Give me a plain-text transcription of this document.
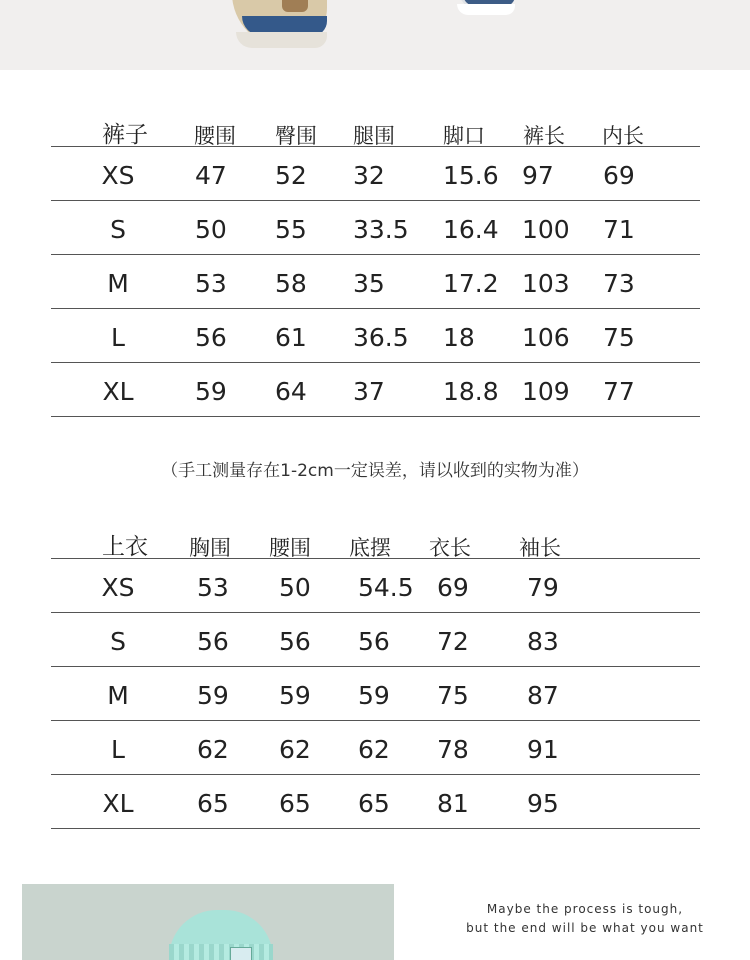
裤子 腰围 臀围 腿围 脚口 裤长 内长
XS	47 52 32 15.6 97 69
S	50 55 33.5 16.4 100 71
M	53 58 35 17.2 103 73
L	56 61 36.5 18 106 75
XL	59 64 37 18.8 109 77
（手工测量存在1-2cm一定误差，请以收到的实物为准）
上衣 胸围 腰围 底摆 衣长 袖长
XS	53 50 54.5 69 79
S	56 56 56 72 83
M	59 59 59 75 87
L	62 62 62 78 91
XL	65 65 65 81 95
Maybe the process is tough,
but the end will be what you want
